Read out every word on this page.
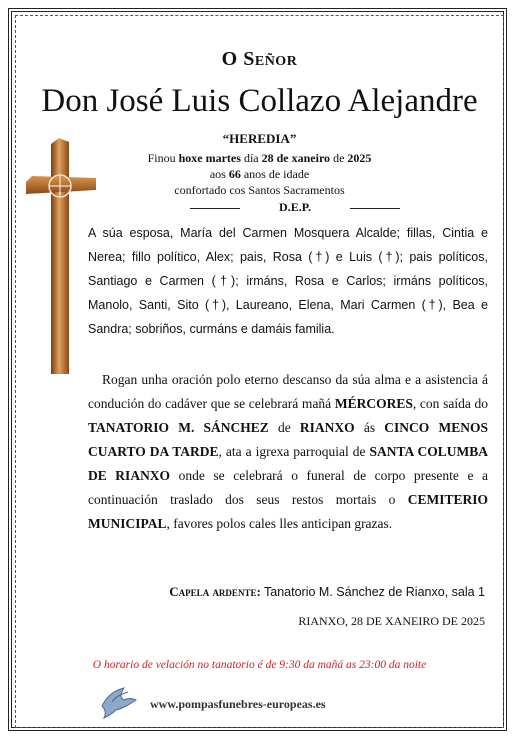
O Señor
Don José Luis Collazo Alejandre
“HEREDIA”
Finou hoxe martes día 28 de xaneiro de 2025
aos 66 anos de idade
confortado cos Santos Sacramentos
D.E.P.
A súa esposa, María del Carmen Mosquera Alcalde; fillas, Cintia e Nerea; fillo político, Alex; pais, Rosa (†) e Luis (†); pais políticos, Santiago e Carmen (†); irmáns, Rosa e Carlos; irmáns políticos, Manolo, Santi, Sito (†), Laureano, Elena, Mari Carmen (†), Bea e Sandra; sobriños, curmáns e damáis familia.
Rogan unha oración polo eterno descanso da súa alma e a asistencia á condución do cadáver que se celebrará mañá MÉRCORES, con saída do TANATORIO M. SÁNCHEZ de RIANXO ás CINCO MENOS CUARTO DA TARDE, ata a igrexa parroquial de SANTA COLUMBA DE RIANXO onde se celebrará o funeral de corpo presente e a continuación traslado dos seus restos mortais o CEMITERIO MUNICIPAL, favores polos cales lles anticipan grazas.
Capela ardente: Tanatorio M. Sánchez de Rianxo, sala 1
RIANXO, 28 DE XANEIRO DE 2025
O horario de velación no tanatorio é de 9:30 da mañá as 23:00 da noite
www.pompasfunebres-europeas.es
